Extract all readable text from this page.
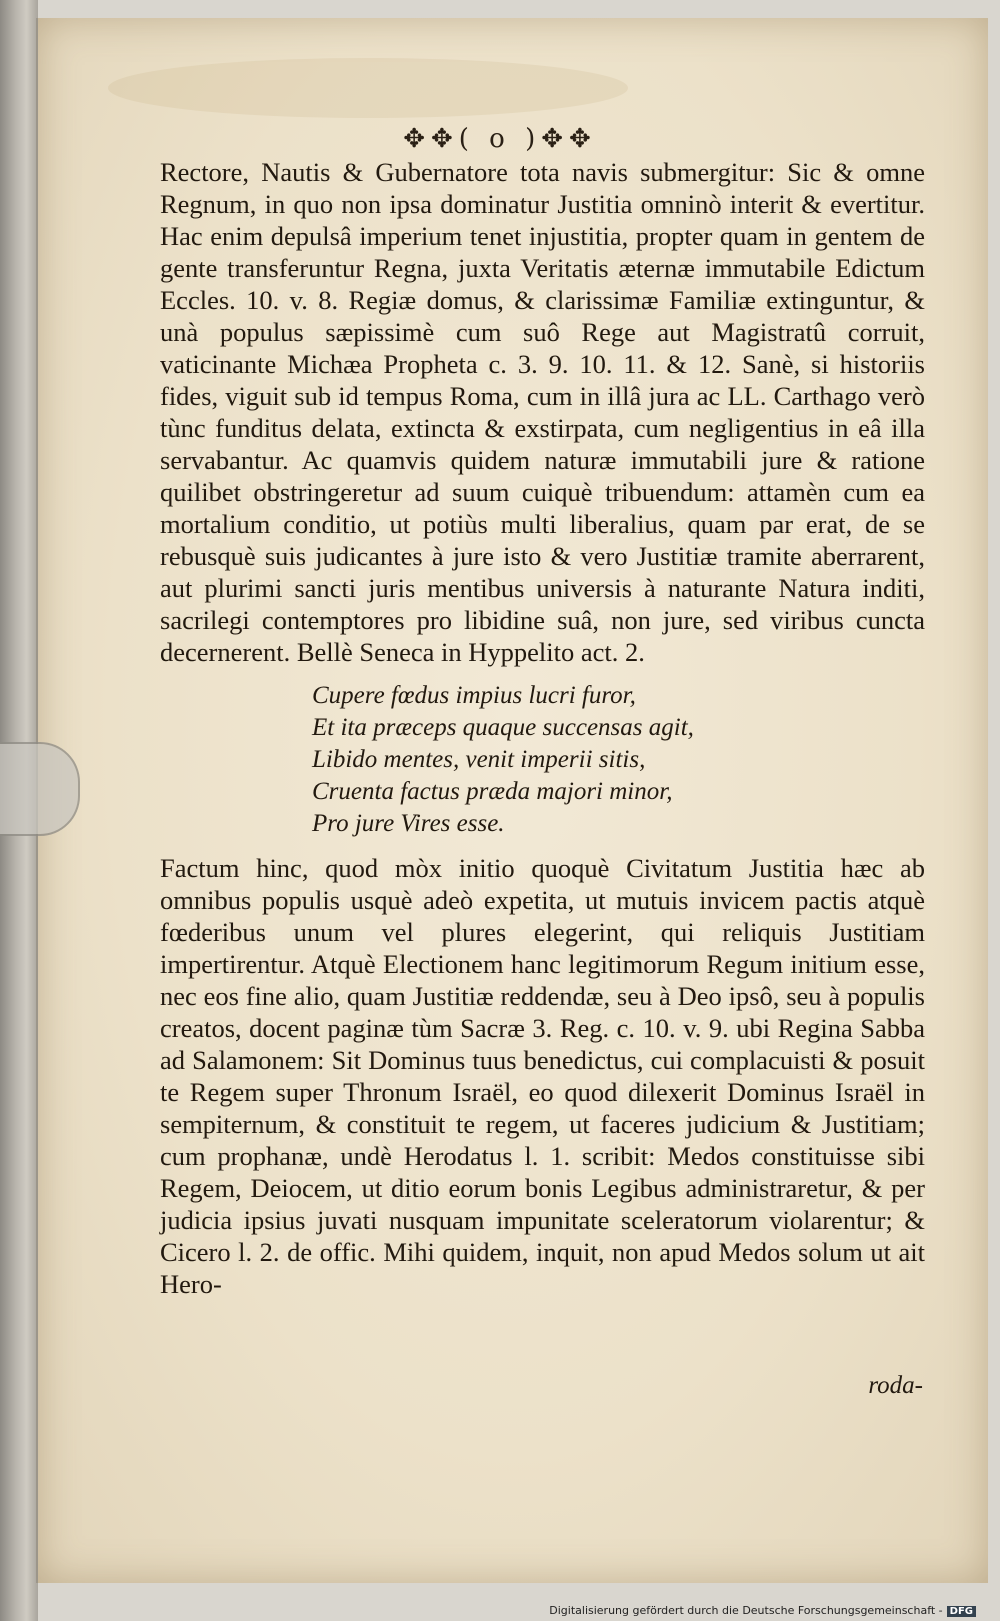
✥✥( o )✥✥

Rectore, Nautis & Gubernatore tota navis submergitur: Sic & omne Regnum, in quo non ipsa dominatur Justitia omninò interit & evertitur. Hac enim depulsâ imperium tenet injustitia, propter quam in gentem de gente transferuntur Regna, juxta Veritatis æternæ immutabile Edictum Eccles. 10. v. 8. Regiæ domus, & clarissimæ Familiæ extinguntur, & unà populus sæpissimè cum suô Rege aut Magistratû corruit, vaticinante Michæa Propheta c. 3. 9. 10. 11. & 12. Sanè, si historiis fides, viguit sub id tempus Roma, cum in illâ jura ac LL. Carthago verò tùnc funditus delata, extincta & exstirpata, cum negligentius in eâ illa servabantur. Ac quamvis quidem naturæ immutabili jure & ratione quilibet obstringeretur ad suum cuiquè tribuendum: attamèn cum ea mortalium conditio, ut potiùs multi liberalius, quam par erat, de se rebusquè suis judicantes à jure isto & vero Justitiæ tramite aberrarent, aut plurimi sancti juris mentibus universis à naturante Natura inditi, sacrilegi contemptores pro libidine suâ, non jure, sed viribus cuncta decernerent. Bellè Seneca in Hyppelito act. 2.

Cupere fœdus impius lucri furor,
Et ita præceps quaque succensas agit,
Libido mentes, venit imperii sitis,
Cruenta factus præda majori minor,
Pro jure Vires esse.

Factum hinc, quod mòx initio quoquè Civitatum Justitia hæc ab omnibus populis usquè adeò expetita, ut mutuis invicem pactis atquè fœderibus unum vel plures elegerint, qui reliquis Justitiam impertirentur. Atquè Electionem hanc legitimorum Regum initium esse, nec eos fine alio, quam Justitiæ reddendæ, seu à Deo ipsô, seu à populis creatos, docent paginæ tùm Sacræ 3. Reg. c. 10. v. 9. ubi Regina Sabba ad Salamonem: Sit Dominus tuus benedictus, cui complacuisti & posuit te Regem super Thronum Israël, eo quod dilexerit Dominus Israël in sempiternum, & constituit te regem, ut faceres judicium & Justitiam; cum prophanæ, undè Herodatus l. 1. scribit: Medos constituisse sibi Regem, Deiocem, ut ditio eorum bonis Legibus administraretur, & per judicia ipsius juvati nusquam impunitate sceleratorum violarentur; & Cicero l. 2. de offic. Mihi quidem, inquit, non apud Medos solum ut ait Hero-

roda-
Digitalisierung gefördert durch die Deutsche Forschungsgemeinschaft - DFG
